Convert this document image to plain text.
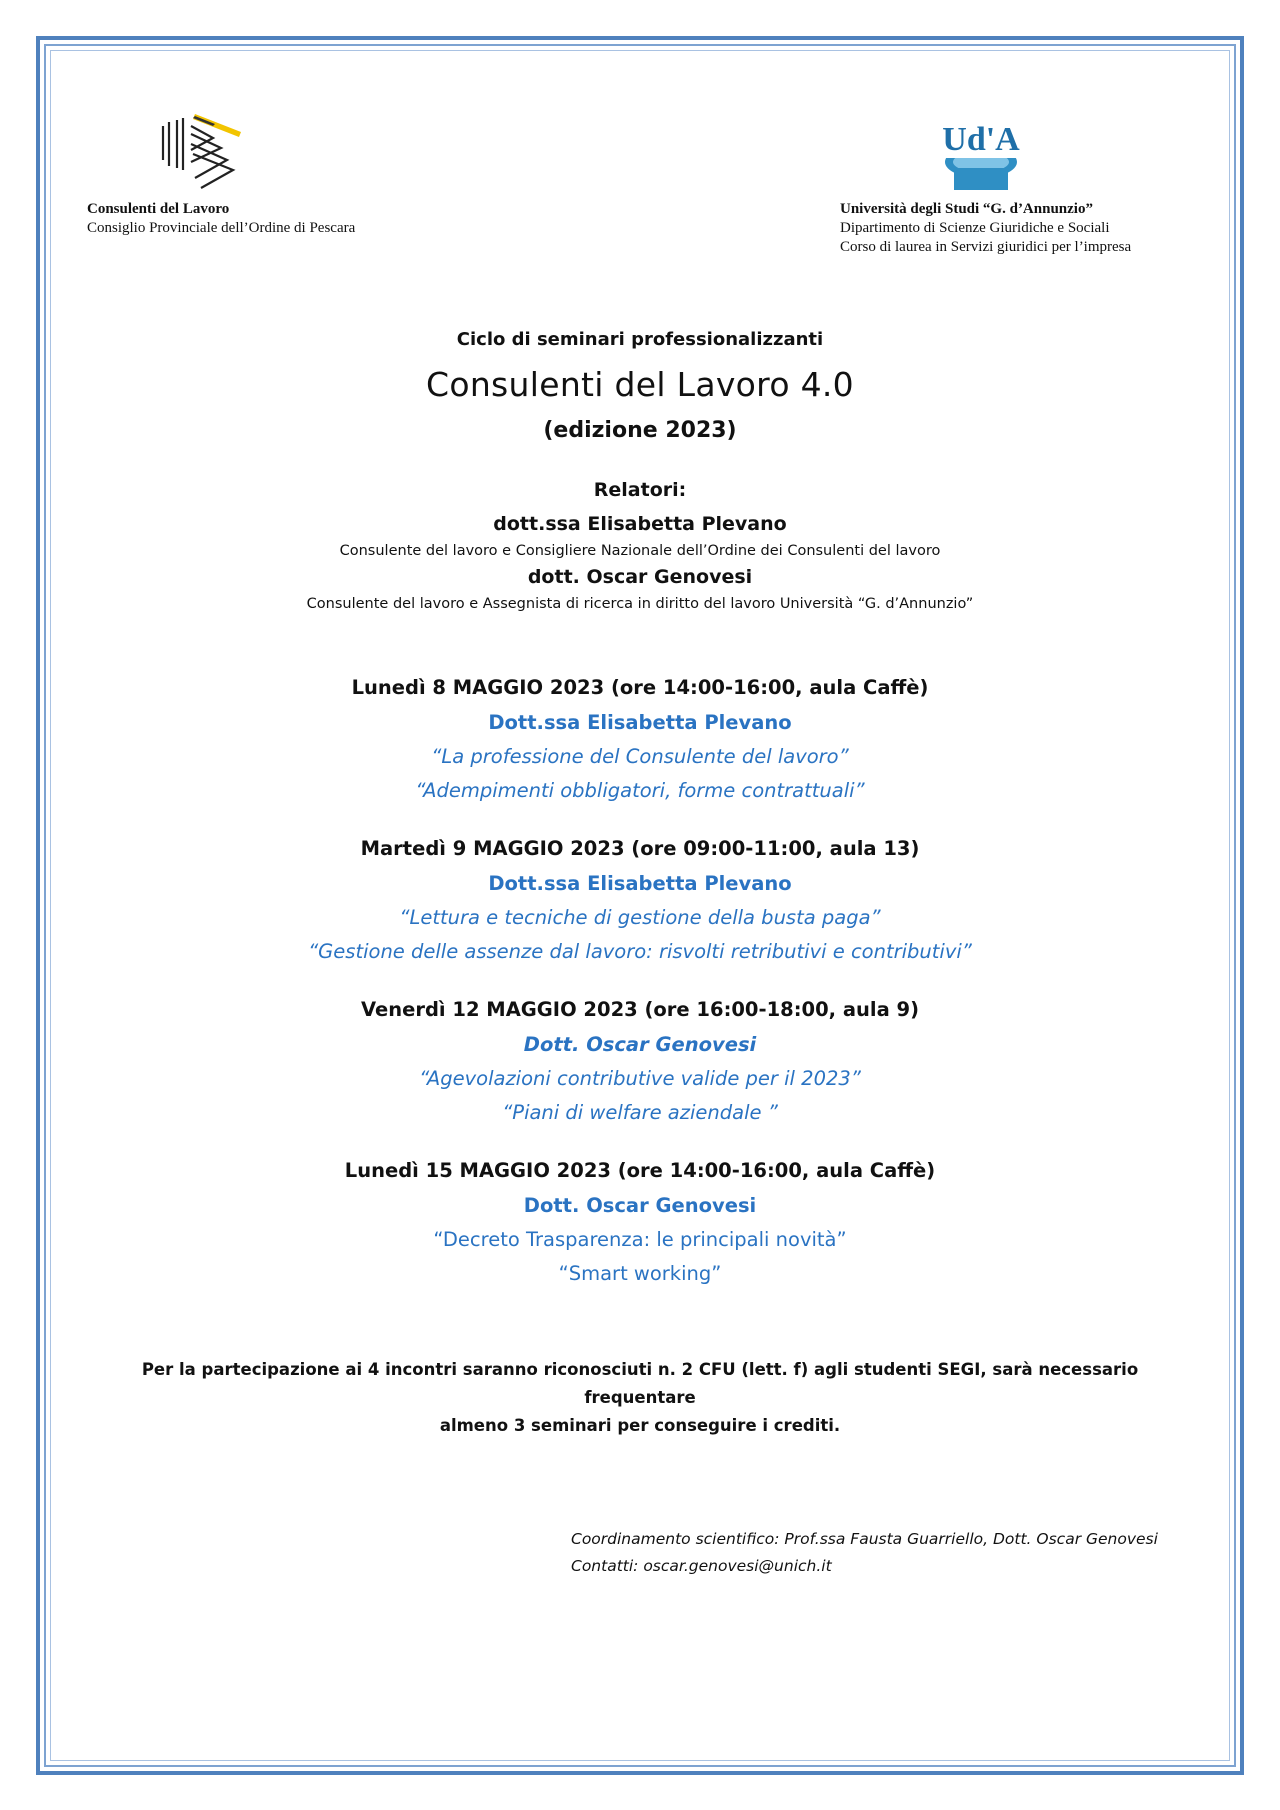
Consulenti del Lavoro
Consiglio Provinciale dell’Ordine di Pescara
Ud'A
Università degli Studi “G. d’Annunzio”
Dipartimento di Scienze Giuridiche e Sociali
Corso di laurea in Servizi giuridici per l’impresa
Ciclo di seminari professionalizzanti
Consulenti del Lavoro 4.0
(edizione 2023)
Relatori:
dott.ssa Elisabetta Plevano
Consulente del lavoro e Consigliere Nazionale dell’Ordine dei Consulenti del lavoro
dott. Oscar Genovesi
Consulente del lavoro e Assegnista di ricerca in diritto del lavoro Università “G. d’Annunzio”
Lunedì 8 MAGGIO 2023 (ore 14:00-16:00, aula Caffè)
Dott.ssa Elisabetta Plevano
“La professione del Consulente del lavoro”
“Adempimenti obbligatori, forme contrattuali”
Martedì 9 MAGGIO 2023 (ore 09:00-11:00, aula 13)
Dott.ssa Elisabetta Plevano
“Lettura e tecniche di gestione della busta paga”
“Gestione delle assenze dal lavoro: risvolti retributivi e contributivi”
Venerdì 12 MAGGIO 2023 (ore 16:00-18:00, aula 9)
Dott. Oscar Genovesi
“Agevolazioni contributive valide per il 2023”
“Piani di welfare aziendale ”
Lunedì 15 MAGGIO 2023 (ore 14:00-16:00, aula Caffè)
Dott. Oscar Genovesi
“Decreto Trasparenza: le principali novità”
“Smart working”
Per la partecipazione ai 4 incontri saranno riconosciuti n. 2 CFU (lett. f) agli studenti SEGI, sarà necessario frequentare
almeno 3 seminari per conseguire i crediti.
Coordinamento scientifico: Prof.ssa Fausta Guarriello, Dott. Oscar Genovesi
Contatti: oscar.genovesi@unich.it
